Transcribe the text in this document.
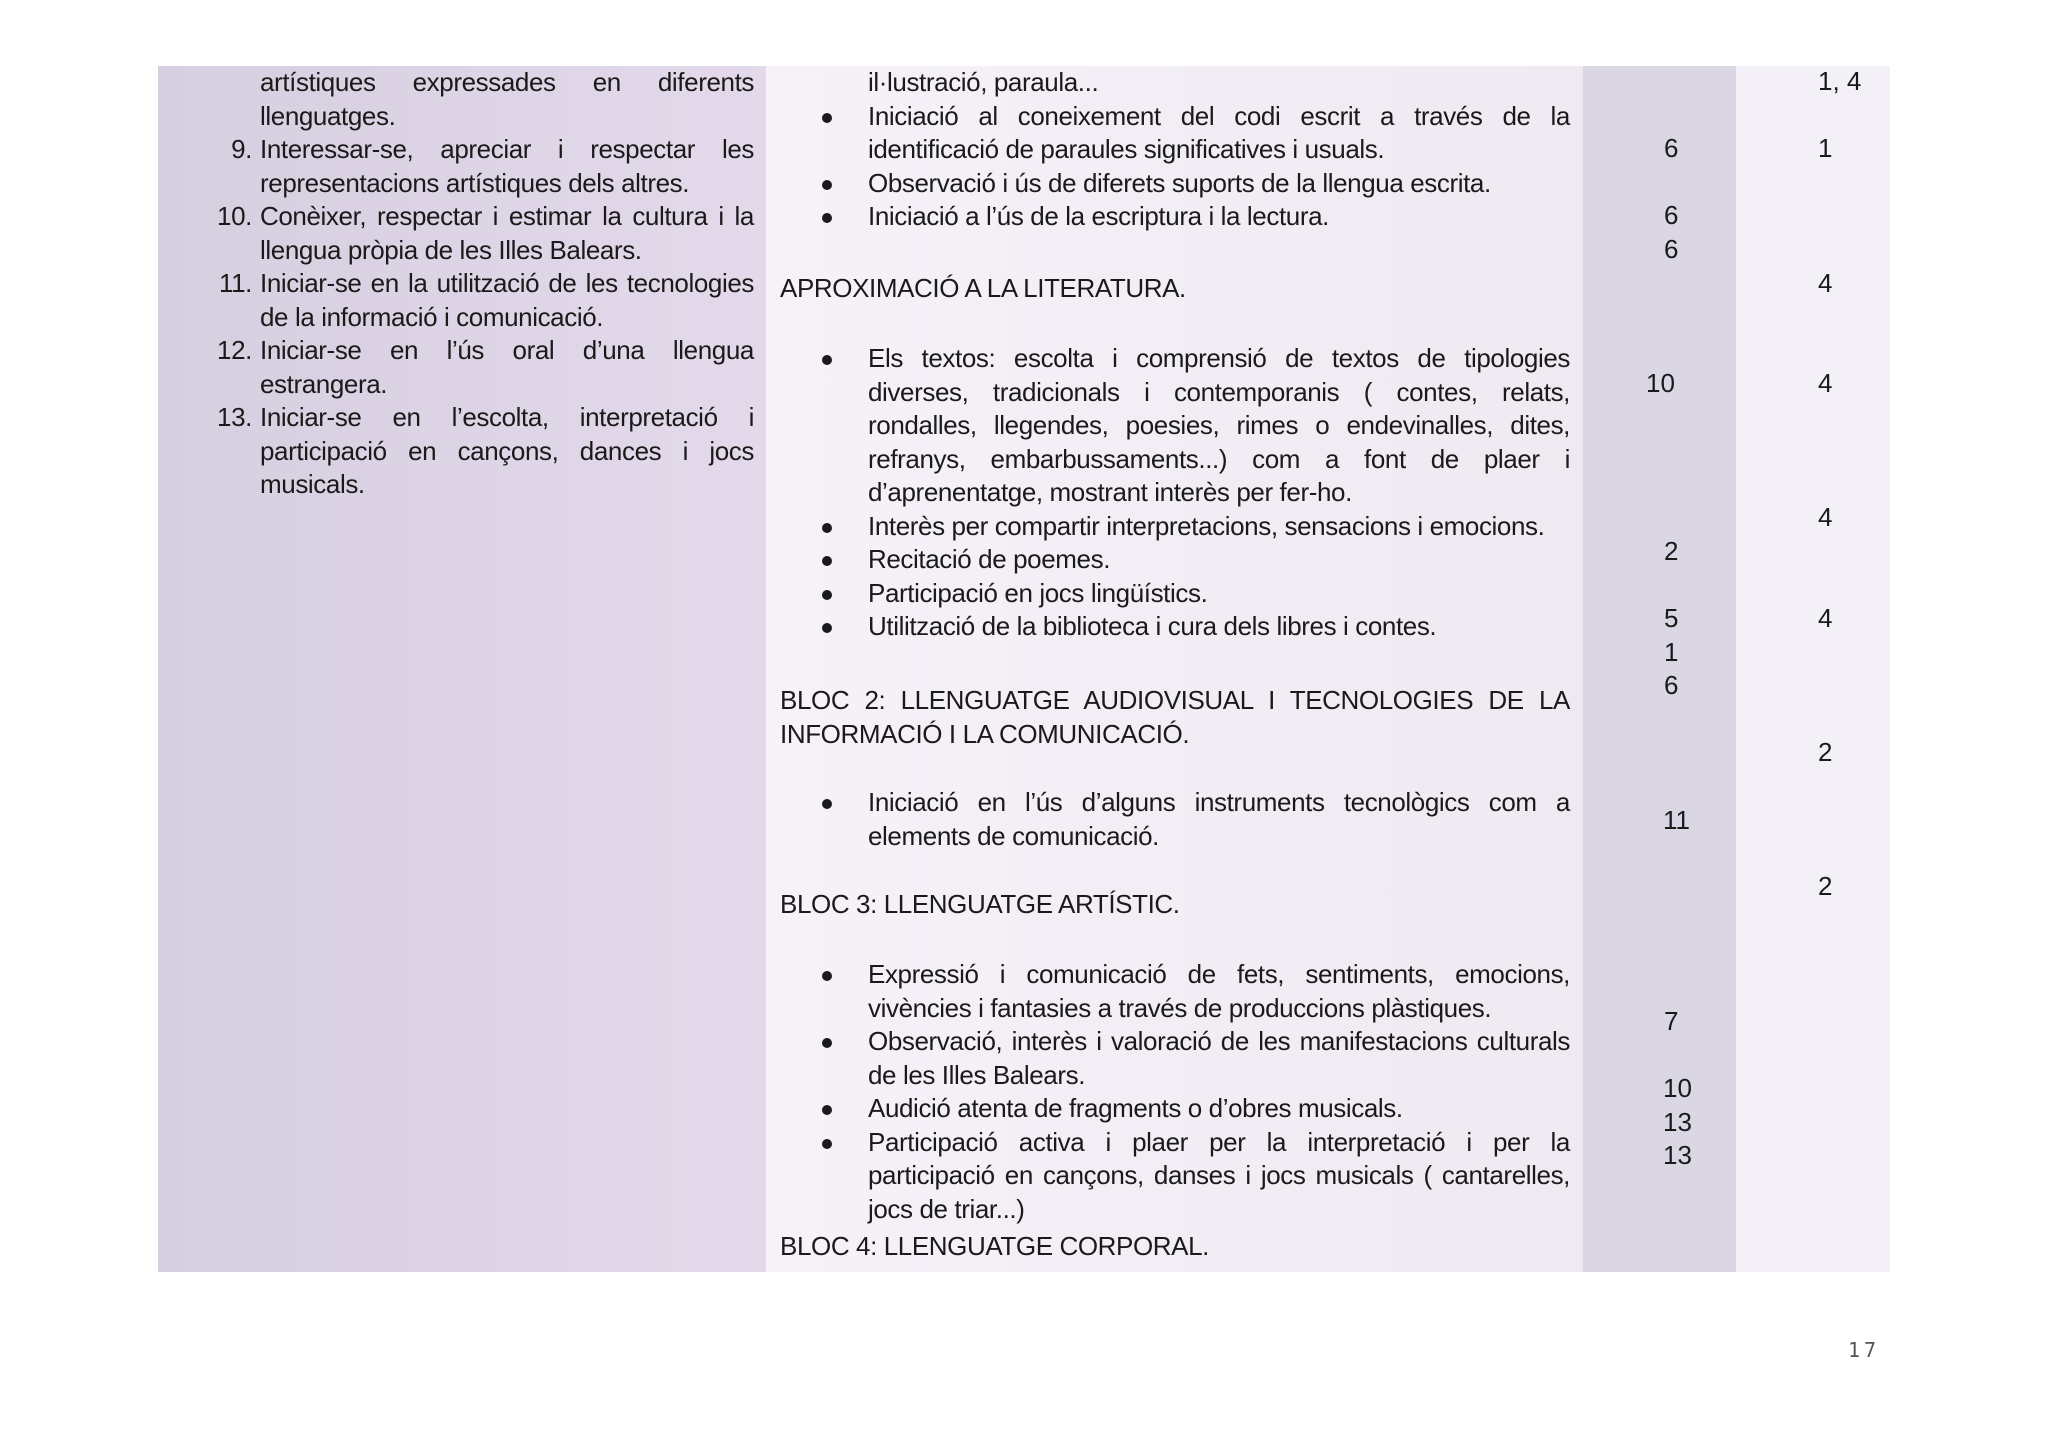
artístiques expressades en diferents llenguatges.
9. Interessar-se, apreciar i respectar les representacions artístiques dels altres.
10. Conèixer, respectar i estimar la cultura i la llengua pròpia de les Illes Balears.
11. Iniciar-se en la utilització de les tecnologies de la informació i comunicació.
12. Iniciar-se en l’ús oral d’una llengua estrangera.
13. Iniciar-se en l’escolta, interpretació i participació en cançons, dances i jocs musicals.
il·lustració, paraula...
Iniciació al coneixement del codi escrit a través de la identificació de paraules significatives i usuals.
Observació i ús de diferets suports de la llengua escrita.
Iniciació a l’ús de la escriptura i la lectura.
APROXIMACIÓ A LA LITERATURA.
Els textos: escolta i comprensió de textos de tipologies diverses, tradicionals i contemporanis ( contes, relats, rondalles, llegendes, poesies, rimes o endevinalles, dites, refranys, embarbussaments...) com a font de plaer i d’aprenentatge, mostrant interès per fer-ho.
Interès per compartir interpretacions, sensacions i emocions.
Recitació de poemes.
Participació en jocs lingüístics.
Utilització de la biblioteca i cura dels libres i contes.
BLOC 2: LLENGUATGE AUDIOVISUAL I TECNOLOGIES DE LA INFORMACIÓ I LA COMUNICACIÓ.
Iniciació en l’ús d’alguns instruments tecnològics com a elements de comunicació.
BLOC 3: LLENGUATGE ARTÍSTIC.
Expressió i comunicació de fets, sentiments, emocions, vivències i fantasies a través de produccions plàstiques.
Observació, interès i valoració de les manifestacions culturals de les Illes Balears.
Audició atenta de fragments o d’obres musicals.
Participació activa i plaer per la interpretació i per la participació en cançons, danses i jocs musicals ( cantarelles, jocs de triar...)
BLOC 4: LLENGUATGE CORPORAL.
6
6
6
10
2
5
1
6
11
7
10
13
13
1, 4
1
4
4
4
4
2
2
17
